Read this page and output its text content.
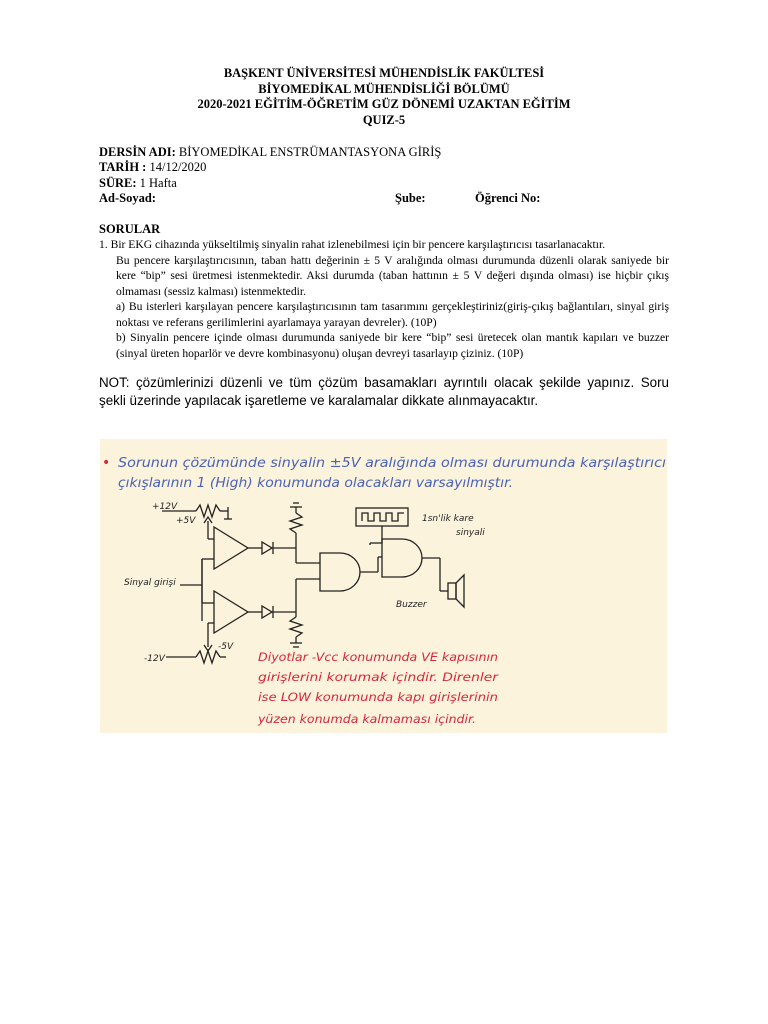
BAŞKENT ÜNİVERSİTESİ MÜHENDİSLİK FAKÜLTESİ
BİYOMEDİKAL MÜHENDİSLİĞİ BÖLÜMÜ
2020-2021 EĞİTİM-ÖĞRETİM GÜZ DÖNEMİ UZAKTAN EĞİTİM
QUIZ-5
DERSİN ADI: BİYOMEDİKAL ENSTRÜMANTASYONA GİRİŞ
TARİH : 14/12/2020
SÜRE: 1 Hafta
Ad-Soyad:	Şube:	Öğrenci No:
SORULAR

1. Bir EKG cihazında yükseltilmiş sinyalin rahat izlenebilmesi için bir pencere karşılaştırıcısı tasarlanacaktır.

Bu pencere karşılaştırıcısının, taban hattı değerinin ± 5 V aralığında olması durumunda düzenli olarak saniyede bir kere “bip” sesi üretmesi istenmektedir. Aksi durumda (taban hattının ± 5 V değeri dışında olması) ise hiçbir çıkış olmaması (sessiz kalması) istenmektedir.

a) Bu isterleri karşılayan pencere karşılaştırıcısının tam tasarımını gerçekleştiriniz(giriş-çıkış bağlantıları, sinyal giriş noktası ve referans gerilimlerini ayarlamaya yarayan devreler). (10P)

b) Sinyalin pencere içinde olması durumunda saniyede bir kere “bip” sesi üretecek olan mantık kapıları ve buzzer (sinyal üreten hoparlör ve devre kombinasyonu) oluşan devreyi tasarlayıp çiziniz. (10P)

NOT: çözümlerinizi düzenli ve tüm çözüm basamakları ayrıntılı olacak şekilde yapınız. Soru şekli üzerinde yapılacak işaretleme ve karalamalar dikkate alınmayacaktır.
• Sorunun çözümünde sinyalin ±5V aralığında olması durumunda karşılaştırıcı
çıkışlarının 1 (High) konumunda olacakları varsayılmıştır.
+12V
+5V
Sinyal girişi
-12V
-5V
1sn'lik kare
sinyali
Buzzer
Diyotlar -Vcc konumunda VE kapısının
girişlerini korumak içindir. Direnler
ise LOW konumunda kapı girişlerinin
yüzen konumda kalmaması içindir.
